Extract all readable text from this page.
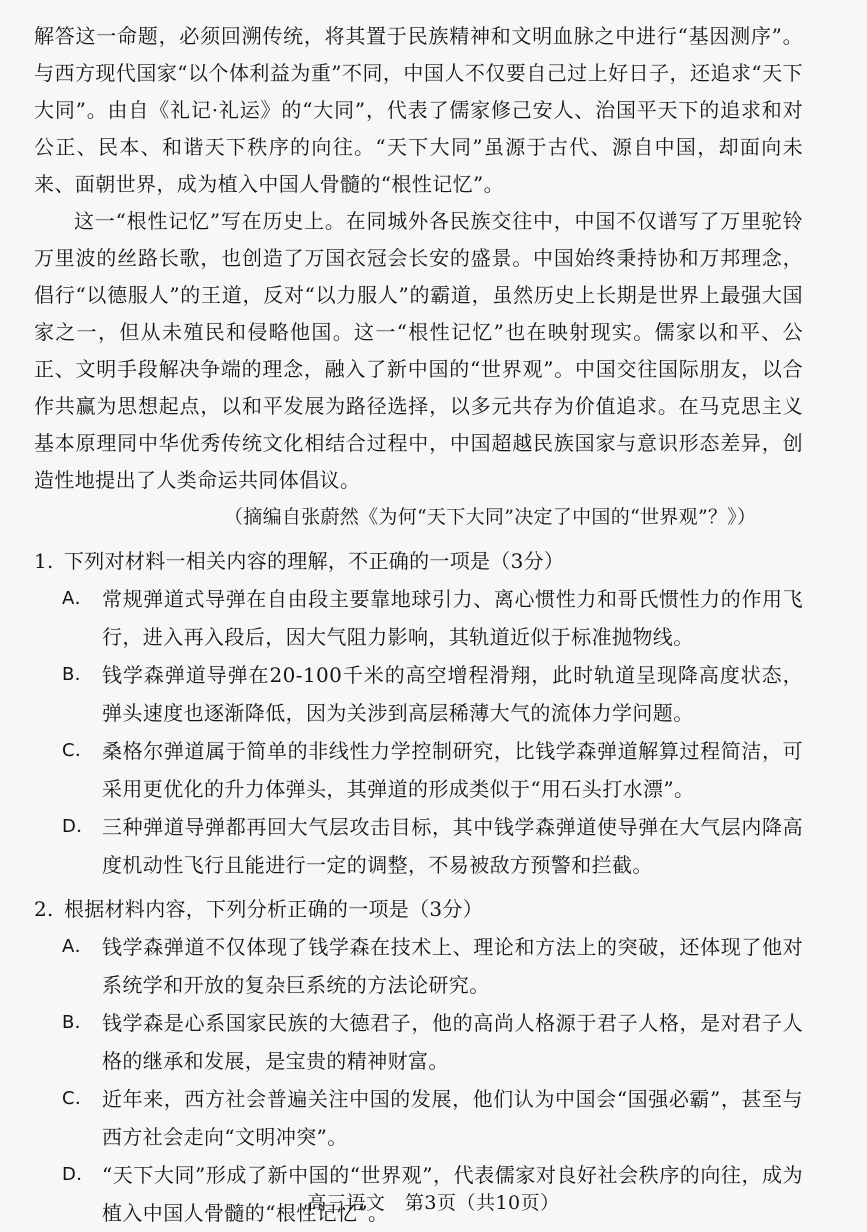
解答这一命题，必须回溯传统，将其置于民族精神和文明血脉之中进行“基因测序”。与西方现代国家“以个体利益为重”不同，中国人不仅要自己过上好日子，还追求“天下大同”。由自《礼记·礼运》的“大同”，代表了儒家修己安人、治国平天下的追求和对公正、民本、和谐天下秩序的向往。“天下大同”虽源于古代、源自中国，却面向未来、面朝世界，成为植入中国人骨髓的“根性记忆”。

这一“根性记忆”写在历史上。在同城外各民族交往中，中国不仅谱写了万里驼铃万里波的丝路长歌，也创造了万国衣冠会长安的盛景。中国始终秉持协和万邦理念，倡行“以德服人”的王道，反对“以力服人”的霸道，虽然历史上长期是世界上最强大国家之一，但从未殖民和侵略他国。这一“根性记忆”也在映射现实。儒家以和平、公正、文明手段解决争端的理念，融入了新中国的“世界观”。中国交往国际朋友，以合作共赢为思想起点，以和平发展为路径选择，以多元共存为价值追求。在马克思主义基本原理同中华优秀传统文化相结合过程中，中国超越民族国家与意识形态差异，创造性地提出了人类命运共同体倡议。

（摘编自张蔚然《为何“天下大同”决定了中国的“世界观”？》）

1. 下列对材料一相关内容的理解，不正确的一项是（3分）

A． 常规弹道式导弹在自由段主要靠地球引力、离心惯性力和哥氏惯性力的作用飞行，进入再入段后，因大气阻力影响，其轨道近似于标准抛物线。
B． 钱学森弹道导弹在20-100千米的高空增程滑翔，此时轨道呈现降高度状态，弹头速度也逐渐降低，因为关涉到高层稀薄大气的流体力学问题。
C． 桑格尔弹道属于简单的非线性力学控制研究，比钱学森弹道解算过程简洁，可采用更优化的升力体弹头，其弹道的形成类似于“用石头打水漂”。
D． 三种弹道导弹都再回大气层攻击目标，其中钱学森弹道使导弹在大气层内降高度机动性飞行且能进行一定的调整，不易被敌方预警和拦截。

2. 根据材料内容，下列分析正确的一项是（3分）

A． 钱学森弹道不仅体现了钱学森在技术上、理论和方法上的突破，还体现了他对系统学和开放的复杂巨系统的方法论研究。
B． 钱学森是心系国家民族的大德君子，他的高尚人格源于君子人格，是对君子人格的继承和发展，是宝贵的精神财富。
C． 近年来，西方社会普遍关注中国的发展，他们认为中国会“国强必霸”，甚至与西方社会走向“文明冲突”。
D． “天下大同”形成了新中国的“世界观”，代表儒家对良好社会秩序的向往，成为植入中国人骨髓的“根性记忆”。
高三语文　第3页（共10页）
